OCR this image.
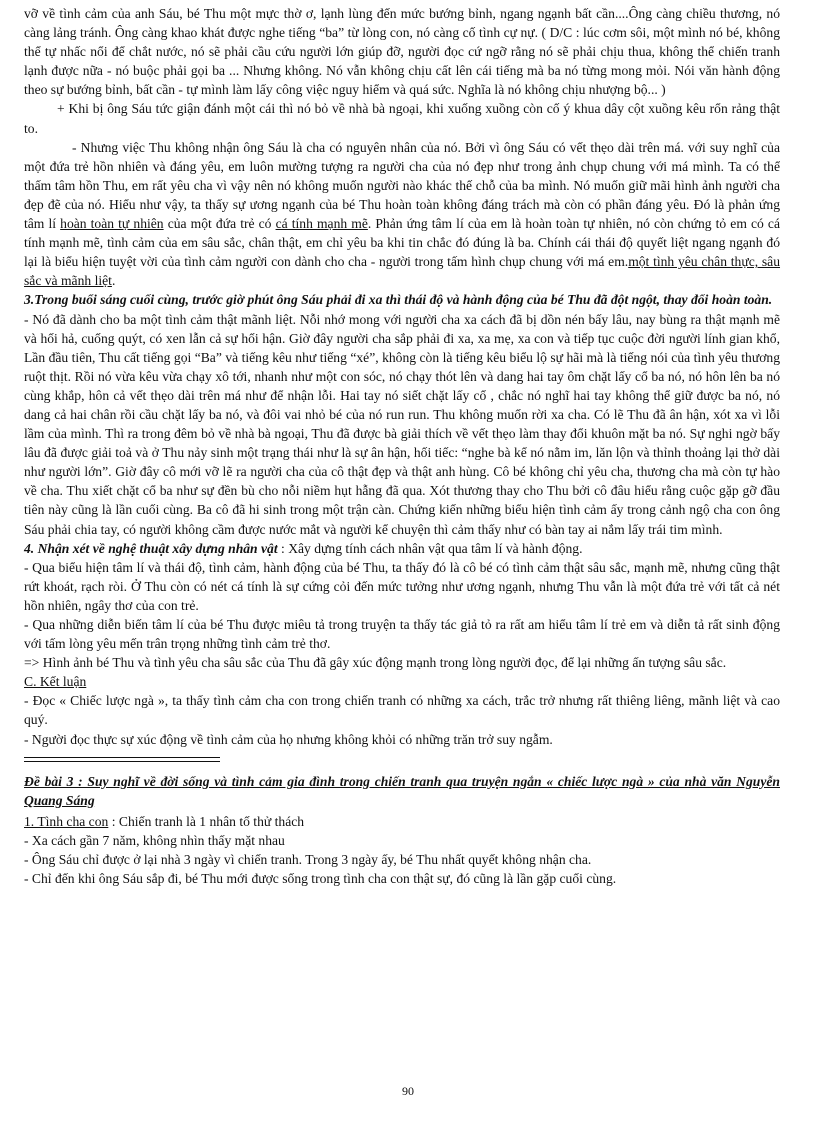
vỡ về tình cảm của anh Sáu, bé Thu một mực thờ ơ, lạnh lùng đến mức bướng bỉnh, ngang ngạnh bất cần....Ông càng chiều thương, nó càng lảng tránh. Ông càng khao khát được nghe tiếng “ba” từ lòng con, nó càng cố tình cự nự. ( D/C : lúc cơm sôi, một mình nó bé, không thể tự nhấc nổi để chắt nước, nó sẽ phải cầu cứu người lớn giúp đỡ, người đọc cứ ngỡ rằng nó sẽ phải chịu thua, không thể chiến tranh lạnh được nữa - nó buộc phải gọi ba ... Nhưng không. Nó vẫn không chịu cất lên cái tiếng mà ba nó từng mong mỏi. Nói văn hành động theo sự bướng bỉnh, bất cần - tự mình làm lấy công việc nguy hiểm và quá sức. Nghĩa là nó không chịu nhượng bộ... )

+ Khi bị ông Sáu tức giận đánh một cái thì nó bỏ về nhà bà ngoại, khi xuống xuồng còn cố ý khua dây cột xuồng kêu rổn rảng thật to.

- Nhưng việc Thu không nhận ông Sáu là cha có nguyên nhân của nó. Bởi vì ông Sáu có vết thẹo dài trên má. với suy nghĩ của một đứa trẻ hồn nhiên và đáng yêu, em luôn mường tượng ra người cha của nó đẹp như trong ảnh chụp chung với má mình. Ta có thể thấm tâm hồn Thu, em rất yêu cha vì vậy nên nó không muốn người nào khác thế chỗ của ba mình. Nó muốn giữ mãi hình ảnh người cha đẹp đẽ của nó. Hiểu như vậy, ta thấy sự ương ngạnh của bé Thu hoàn toàn không đáng trách mà còn có phần đáng yêu. Đó là phản ứng tâm lí hoàn toàn tự nhiên của một đứa trẻ có cá tính mạnh mẽ. Phản ứng tâm lí của em là hoàn toàn tự nhiên, nó còn chứng tỏ em có cá tính mạnh mẽ, tình cảm của em sâu sắc, chân thật, em chỉ yêu ba khi tin chắc đó đúng là ba. Chính cái thái độ quyết liệt ngang ngạnh đó lại là biểu hiện tuyệt vời của tình cảm người con dành cho cha - người trong tấm hình chụp chung với má em.một tình yêu chân thực, sâu sắc và mãnh liệt.

3.Trong buổi sáng cuối cùng, trước giờ phút ông Sáu phải đi xa thì thái độ và hành động của bé Thu đã đột ngột, thay đổi hoàn toàn.

- Nó đã dành cho ba một tình cảm thật mãnh liệt. Nỗi nhớ mong với người cha xa cách đã bị dồn nén bấy lâu, nay bùng ra thật mạnh mẽ và hối hả, cuống quýt, có xen lẫn cả sự hối hận. Giờ đây người cha sắp phải đi xa, xa mẹ, xa con và tiếp tục cuộc đời người lính gian khổ, Lần đầu tiên, Thu cất tiếng gọi “Ba” và tiếng kêu như tiếng “xé”, không còn là tiếng kêu biểu lộ sự hãi mà là tiếng nói của tình yêu thương ruột thịt. Rồi nó vừa kêu vừa chạy xô tới, nhanh như một con sóc, nó chạy thót lên và dang hai tay ôm chặt lấy cổ ba nó, nó hôn lên ba nó cùng khắp, hôn cả vết thẹo dài trên má như để nhận lỗi. Hai tay nó siết chặt lấy cổ , chắc nó nghĩ hai tay không thể giữ được ba nó, nó dang cả hai chân rồi cầu chặt lấy ba nó, và đôi vai nhỏ bé của nó run run. Thu không muốn rời xa cha. Có lẽ Thu đã ân hận, xót xa vì lỗi lầm của mình. Thì ra trong đêm bỏ về nhà bà ngoại, Thu đã được bà giải thích về vết thẹo làm thay đổi khuôn mặt ba nó. Sự nghi ngờ bấy lâu đã được giải toả và ở Thu nảy sinh một trạng thái như là sự ân hận, hối tiếc: “nghe bà kể nó nằm im, lăn lộn và thỉnh thoảng lại thở dài như người lớn”. Giờ đây cô mới vỡ lẽ ra người cha của cô thật đẹp và thật anh hùng. Cô bé không chỉ yêu cha, thương cha mà còn tự hào về cha. Thu xiết chặt cổ ba như sự đền bù cho nỗi niềm hụt hẫng đã qua. Xót thương thay cho Thu bởi cô đâu hiểu rằng cuộc gặp gỡ đầu tiên này cũng là lần cuối cùng. Ba cô đã hi sinh trong một trận càn. Chứng kiến những biểu hiện tình cảm ấy trong cảnh ngộ cha con ông Sáu phải chia tay, có người không cầm được nước mắt và người kể chuyện thì cảm thấy như có bàn tay ai nắm lấy trái tim mình.

4. Nhận xét về nghệ thuật xây dựng nhân vật : Xây dựng tính cách nhân vật qua tâm lí và hành động.

- Qua biểu hiện tâm lí và thái độ, tình cảm, hành động của bé Thu, ta thấy đó là cô bé có tình cảm thật sâu sắc, mạnh mẽ, nhưng cũng thật rứt khoát, rạch ròi. Ở Thu còn có nét cá tính là sự cứng cỏi đến mức tưởng như ương ngạnh, nhưng Thu vẫn là một đứa trẻ với tất cả nét hồn nhiên, ngây thơ của con trẻ.

- Qua những diễn biến tâm lí của bé Thu được miêu tả trong truyện ta thấy tác giả tỏ ra rất am hiểu tâm lí trẻ em và diễn tả rất sinh động với tấm lòng yêu mến trân trọng những tình cảm trẻ thơ.

=> Hình ảnh bé Thu và tình yêu cha sâu sắc của Thu đã gây xúc động mạnh trong lòng người đọc, để lại những ấn tượng sâu sắc.

C. Kết luận

- Đọc « Chiếc lược ngà », ta thấy tình cảm cha con trong chiến tranh có những xa cách, trắc trở nhưng rất thiêng liêng, mãnh liệt và cao quý.

- Người đọc thực sự xúc động về tình cảm của họ nhưng không khỏi có những trăn trở suy ngẫm.

Đề bài 3 : Suy nghĩ về đời sống và tình cảm gia đình trong chiến tranh qua truyện ngắn « chiếc lược ngà » của nhà văn Nguyễn Quang Sáng

1. Tình cha con : Chiến tranh là 1 nhân tố thử thách

- Xa cách gần 7 năm, không nhìn thấy mặt nhau

- Ông Sáu chỉ được ở lại nhà 3 ngày vì chiến tranh. Trong 3 ngày ấy, bé Thu nhất quyết không nhận cha.

- Chỉ đến khi ông Sáu sắp đi, bé Thu mới được sống trong tình cha con thật sự, đó cũng là lần gặp cuối cùng.

90
